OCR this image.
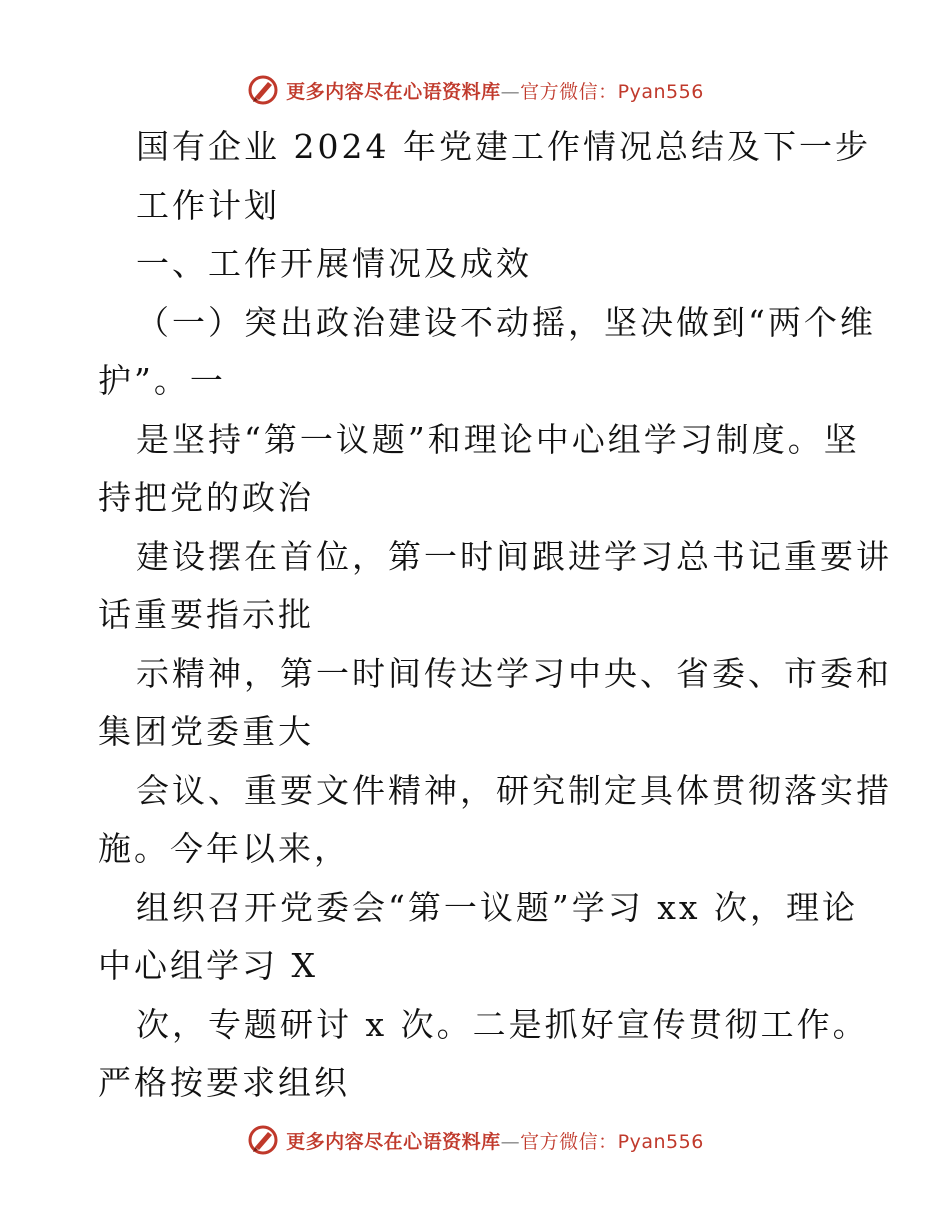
更多内容尽在心语资料库—官方微信：Pyan556
国有企业 2024 年党建工作情况总结及下一步
工作计划
一、工作开展情况及成效
（一）突出政治建设不动摇，坚决做到“两个维
护”。一
是坚持“第一议题”和理论中心组学习制度。坚
持把党的政治
建设摆在首位，第一时间跟进学习总书记重要讲
话重要指示批
示精神，第一时间传达学习中央、省委、市委和
集团党委重大
会议、重要文件精神，研究制定具体贯彻落实措
施。今年以来，
组织召开党委会“第一议题”学习 xx 次，理论
中心组学习 X
次，专题研讨 x 次。二是抓好宣传贯彻工作。
严格按要求组织
更多内容尽在心语资料库—官方微信：Pyan556
